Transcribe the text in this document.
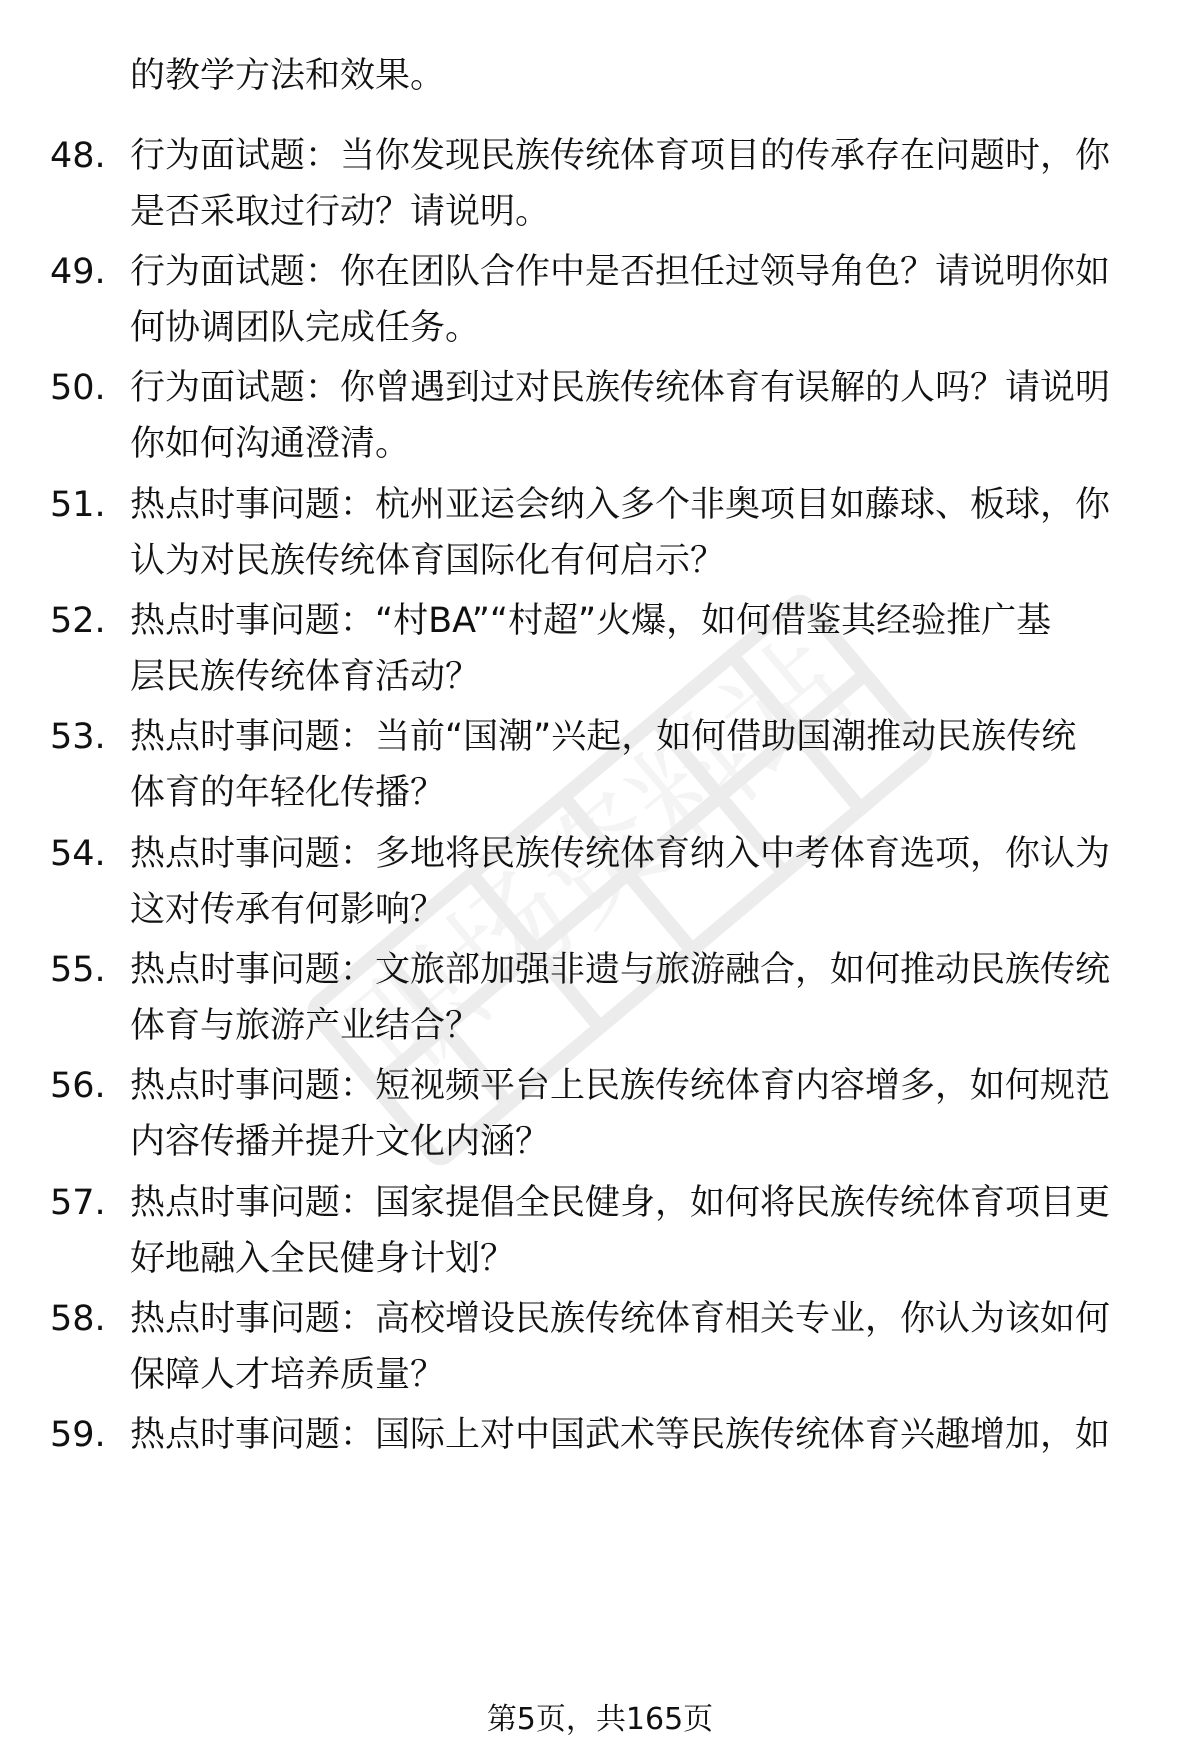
的教学方法和效果。
48. 行为面试题：当你发现民族传统体育项目的传承存在问题时，你
是否采取过行动？请说明。
49. 行为面试题：你在团队合作中是否担任过领导角色？请说明你如
何协调团队完成任务。
50. 行为面试题：你曾遇到过对民族传统体育有误解的人吗？请说明
你如何沟通澄清。
51. 热点时事问题：杭州亚运会纳入多个非奥项目如藤球、板球，你
认为对民族传统体育国际化有何启示？
52. 热点时事问题：“村BA”“村超”火爆，如何借鉴其经验推广基
层民族传统体育活动？
53. 热点时事问题：当前“国潮”兴起，如何借助国潮推动民族传统
体育的年轻化传播？
54. 热点时事问题：多地将民族传统体育纳入中考体育选项，你认为
这对传承有何影响？
55. 热点时事问题：文旅部加强非遗与旅游融合，如何推动民族传统
体育与旅游产业结合？
56. 热点时事问题：短视频平台上民族传统体育内容增多，如何规范
内容传播并提升文化内涵？
57. 热点时事问题：国家提倡全民健身，如何将民族传统体育项目更
好地融入全民健身计划？
58. 热点时事问题：高校增设民族传统体育相关专业，你认为该如何
保障人才培养质量？
59. 热点时事问题：国际上对中国武术等民族传统体育兴趣增加，如
第5页，共165页
